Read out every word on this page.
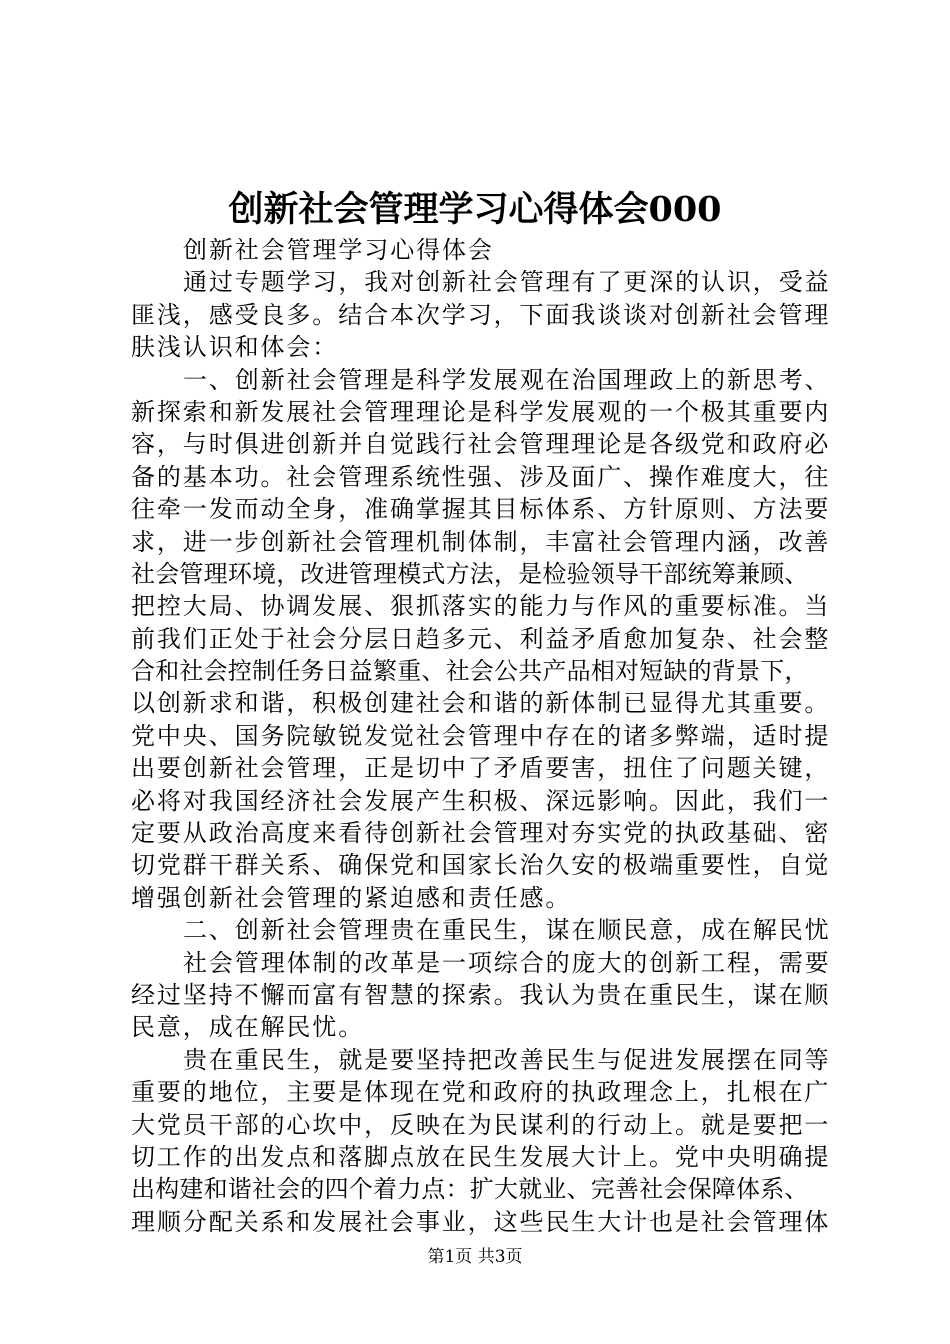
创新社会管理学习心得体会000
创新社会管理学习心得体会
通过专题学习，我对创新社会管理有了更深的认识，受益
匪浅，感受良多。结合本次学习，下面我谈谈对创新社会管理
肤浅认识和体会：
一、创新社会管理是科学发展观在治国理政上的新思考、
新探索和新发展社会管理理论是科学发展观的一个极其重要内
容，与时俱进创新并自觉践行社会管理理论是各级党和政府必
备的基本功。社会管理系统性强、涉及面广、操作难度大，往
往牵一发而动全身，准确掌握其目标体系、方针原则、方法要
求，进一步创新社会管理机制体制，丰富社会管理内涵，改善
社会管理环境，改进管理模式方法，是检验领导干部统筹兼顾、
把控大局、协调发展、狠抓落实的能力与作风的重要标准。当
前我们正处于社会分层日趋多元、利益矛盾愈加复杂、社会整
合和社会控制任务日益繁重、社会公共产品相对短缺的背景下，
以创新求和谐，积极创建社会和谐的新体制已显得尤其重要。
党中央、国务院敏锐发觉社会管理中存在的诸多弊端，适时提
出要创新社会管理，正是切中了矛盾要害，扭住了问题关键，
必将对我国经济社会发展产生积极、深远影响。因此，我们一
定要从政治高度来看待创新社会管理对夯实党的执政基础、密
切党群干群关系、确保党和国家长治久安的极端重要性，自觉
增强创新社会管理的紧迫感和责任感。
二、创新社会管理贵在重民生，谋在顺民意，成在解民忧
社会管理体制的改革是一项综合的庞大的创新工程，需要
经过坚持不懈而富有智慧的探索。我认为贵在重民生，谋在顺
民意，成在解民忧。
贵在重民生，就是要坚持把改善民生与促进发展摆在同等
重要的地位，主要是体现在党和政府的执政理念上，扎根在广
大党员干部的心坎中，反映在为民谋利的行动上。就是要把一
切工作的出发点和落脚点放在民生发展大计上。党中央明确提
出构建和谐社会的四个着力点：扩大就业、完善社会保障体系、
理顺分配关系和发展社会事业，这些民生大计也是社会管理体
第1页 共3页
